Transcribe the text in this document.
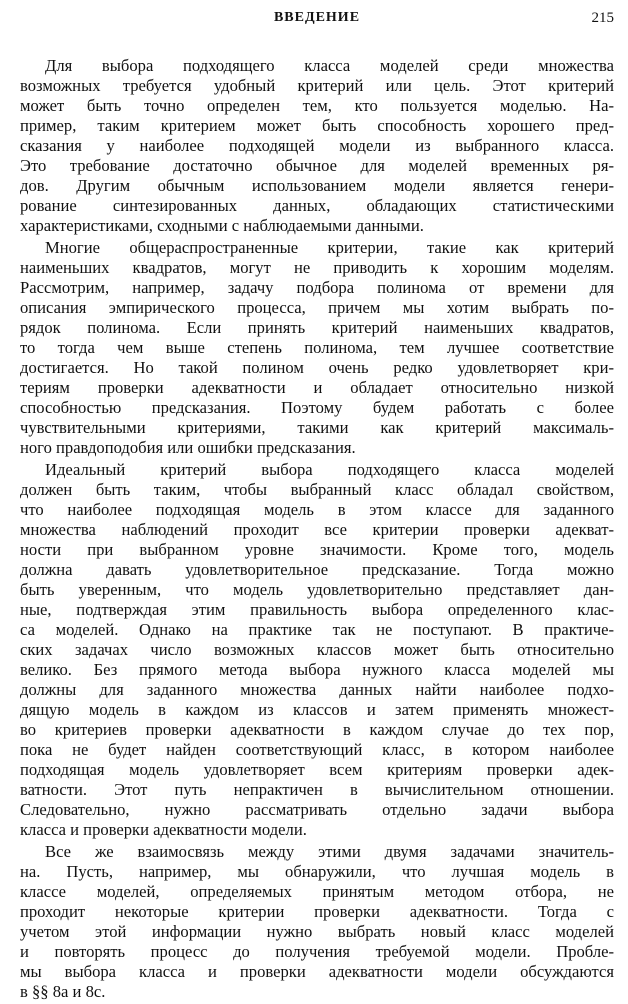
ВВЕДЕНИЕ	215
Для выбора подходящего класса моделей среди множества
возможных требуется удобный критерий или цель. Этот критерий
может быть точно определен тем, кто пользуется моделью. На-
пример, таким критерием может быть способность хорошего пред-
сказания у наиболее подходящей модели из выбранного класса.
Это требование достаточно обычное для моделей временных ря-
дов. Другим обычным использованием модели является генери-
рование синтезированных данных, обладающих статистическими
характеристиками, сходными с наблюдаемыми данными.
Многие общераспространенные критерии, такие как критерий
наименьших квадратов, могут не приводить к хорошим моделям.
Рассмотрим, например, задачу подбора полинома от времени для
описания эмпирического процесса, причем мы хотим выбрать по-
рядок полинома. Если принять критерий наименьших квадратов,
то тогда чем выше степень полинома, тем лучшее соответствие
достигается. Но такой полином очень редко удовлетворяет кри-
териям проверки адекватности и обладает относительно низкой
способностью предсказания. Поэтому будем работать с более
чувствительными критериями, такими как критерий максималь-
ного правдоподобия или ошибки предсказания.
Идеальный критерий выбора подходящего класса моделей
должен быть таким, чтобы выбранный класс обладал свойством,
что наиболее подходящая модель в этом классе для заданного
множества наблюдений проходит все критерии проверки адекват-
ности при выбранном уровне значимости. Кроме того, модель
должна давать удовлетворительное предсказание. Тогда можно
быть уверенным, что модель удовлетворительно представляет дан-
ные, подтверждая этим правильность выбора определенного клас-
са моделей. Однако на практике так не поступают. В практиче-
ских задачах число возможных классов может быть относительно
велико. Без прямого метода выбора нужного класса моделей мы
должны для заданного множества данных найти наиболее подхо-
дящую модель в каждом из классов и затем применять множест-
во критериев проверки адекватности в каждом случае до тех пор,
пока не будет найден соответствующий класс, в котором наиболее
подходящая модель удовлетворяет всем критериям проверки адек-
ватности. Этот путь непрактичен в вычислительном отношении.
Следовательно, нужно рассматривать отдельно задачи выбора
класса и проверки адекватности модели.
Все же взаимосвязь между этими двумя задачами значитель-
на. Пусть, например, мы обнаружили, что лучшая модель в
классе моделей, определяемых принятым методом отбора, не
проходит некоторые критерии проверки адекватности. Тогда с
учетом этой информации нужно выбрать новый класс моделей
и повторять процесс до получения требуемой модели. Пробле-
мы выбора класса и проверки адекватности модели обсуждаются
в §§ 8а и 8с.
